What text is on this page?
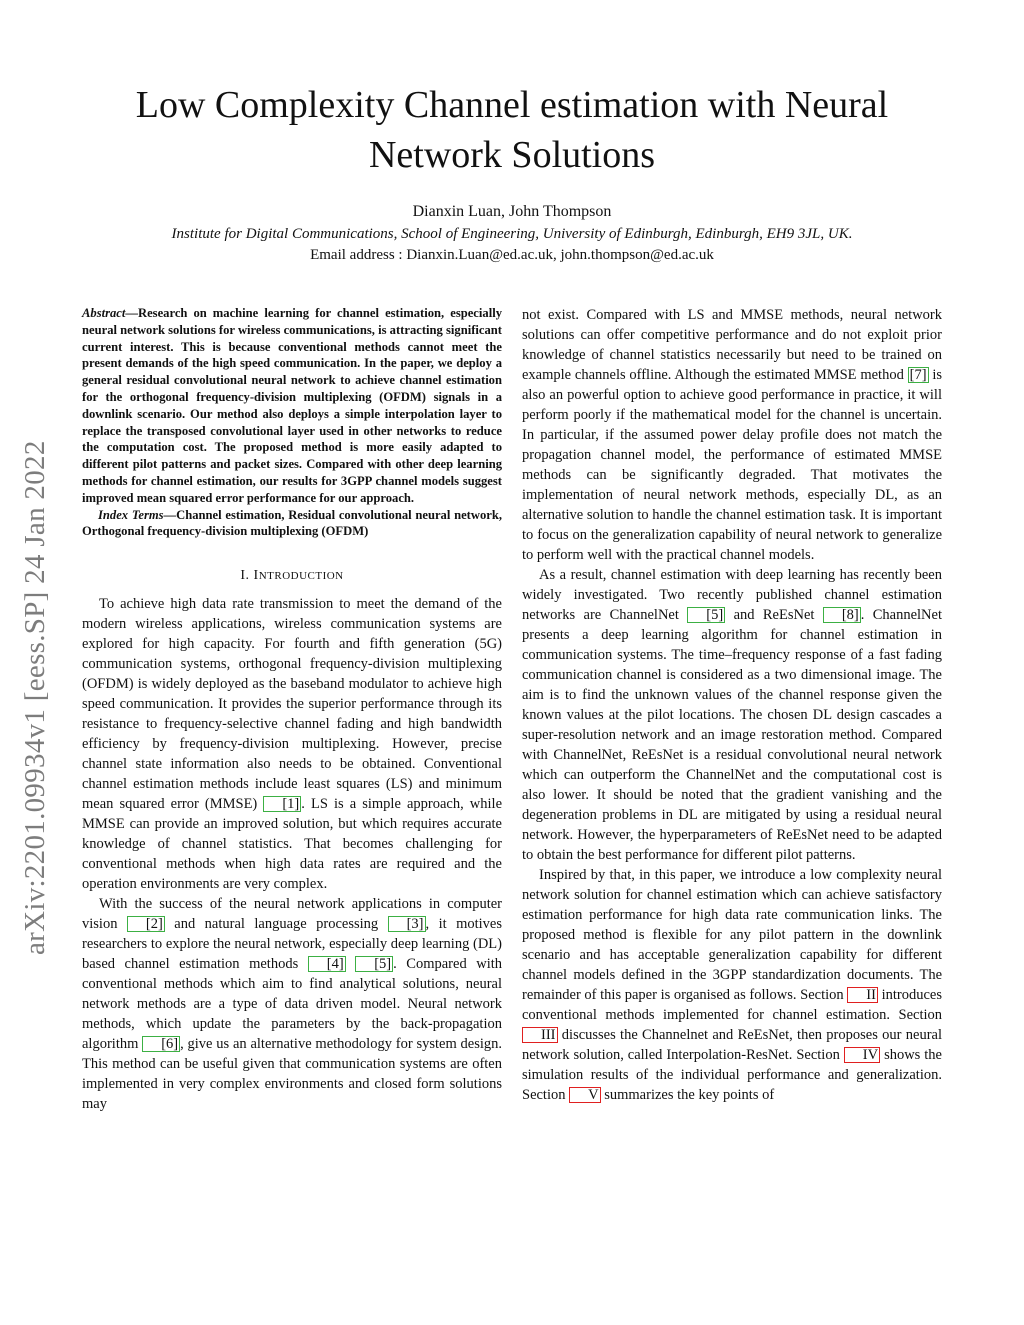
Low Complexity Channel estimation with Neural Network Solutions
Dianxin Luan, John Thompson
Institute for Digital Communications, School of Engineering, University of Edinburgh, Edinburgh, EH9 3JL, UK.
Email address : Dianxin.Luan@ed.ac.uk, john.thompson@ed.ac.uk
arXiv:2201.09934v1 [eess.SP] 24 Jan 2022

Abstract—Research on machine learning for channel estimation, especially neural network solutions for wireless communications, is attracting significant current interest. This is because conventional methods cannot meet the present demands of the high speed communication. In the paper, we deploy a general residual convolutional neural network to achieve channel estimation for the orthogonal frequency-division multiplexing (OFDM) signals in a downlink scenario. Our method also deploys a simple interpolation layer to replace the transposed convolutional layer used in other networks to reduce the computation cost. The proposed method is more easily adapted to different pilot patterns and packet sizes. Compared with other deep learning methods for channel estimation, our results for 3GPP channel models suggest improved mean squared error performance for our approach.

Index Terms—Channel estimation, Residual convolutional neural network, Orthogonal frequency-division multiplexing (OFDM)

I. INTRODUCTION

To achieve high data rate transmission to meet the demand of the modern wireless applications, wireless communication systems are explored for high capacity. For fourth and fifth generation (5G) communication systems, orthogonal frequency-division multiplexing (OFDM) is widely deployed as the baseband modulator to achieve high speed communication. It provides the superior performance through its resistance to frequency-selective channel fading and high bandwidth efficiency by frequency-division multiplexing. However, precise channel state information also needs to be obtained. Conventional channel estimation methods include least squares (LS) and minimum mean squared error (MMSE) [1] . LS is a simple approach, while MMSE can provide an improved solution, but which requires accurate knowledge of channel statistics. That becomes challenging for conventional methods when high data rates are required and the operation environments are very complex.

With the success of the neural network applications in computer vision [2] and natural language processing [3] , it motives researchers to explore the neural network, especially deep learning (DL) based channel estimation methods [4] [5] . Compared with conventional methods which aim to find analytical solutions, neural network methods are a type of data driven model. Neural network methods, which update the parameters by the back-propagation algorithm [6] , give us an alternative methodology for system design. This method can be useful given that communication systems are often implemented in very complex environments and closed form solutions may

not exist. Compared with LS and MMSE methods, neural network solutions can offer competitive performance and do not exploit prior knowledge of channel statistics necessarily but need to be trained on example channels offline. Although the estimated MMSE method [7] is also an powerful option to achieve good performance in practice, it will perform poorly if the mathematical model for the channel is uncertain. In particular, if the assumed power delay profile does not match the propagation channel model, the performance of estimated MMSE methods can be significantly degraded. That motivates the implementation of neural network methods, especially DL, as an alternative solution to handle the channel estimation task. It is important to focus on the generalization capability of neural network to generalize to perform well with the practical channel models.

As a result, channel estimation with deep learning has recently been widely investigated. Two recently published channel estimation networks are ChannelNet [5] and ReEsNet [8] . ChannelNet presents a deep learning algorithm for channel estimation in communication systems. The time–frequency response of a fast fading communication channel is considered as a two dimensional image. The aim is to find the unknown values of the channel response given the known values at the pilot locations. The chosen DL design cascades a super-resolution network and an image restoration method. Compared with ChannelNet, ReEsNet is a residual convolutional neural network which can outperform the ChannelNet and the computational cost is also lower. It should be noted that the gradient vanishing and the degeneration problems in DL are mitigated by using a residual neural network. However, the hyperparameters of ReEsNet need to be adapted to obtain the best performance for different pilot patterns.

Inspired by that, in this paper, we introduce a low complexity neural network solution for channel estimation which can achieve satisfactory estimation performance for high data rate communication links. The proposed method is flexible for any pilot pattern in the downlink scenario and has acceptable generalization capability for different channel models defined in the 3GPP standardization documents. The remainder of this paper is organised as follows. Section II introduces conventional methods implemented for channel estimation. Section III discusses the Channelnet and ReEsNet, then proposes our neural network solution, called Interpolation-ResNet. Section IV shows the simulation results of the individual performance and generalization. Section V summarizes the key points of
